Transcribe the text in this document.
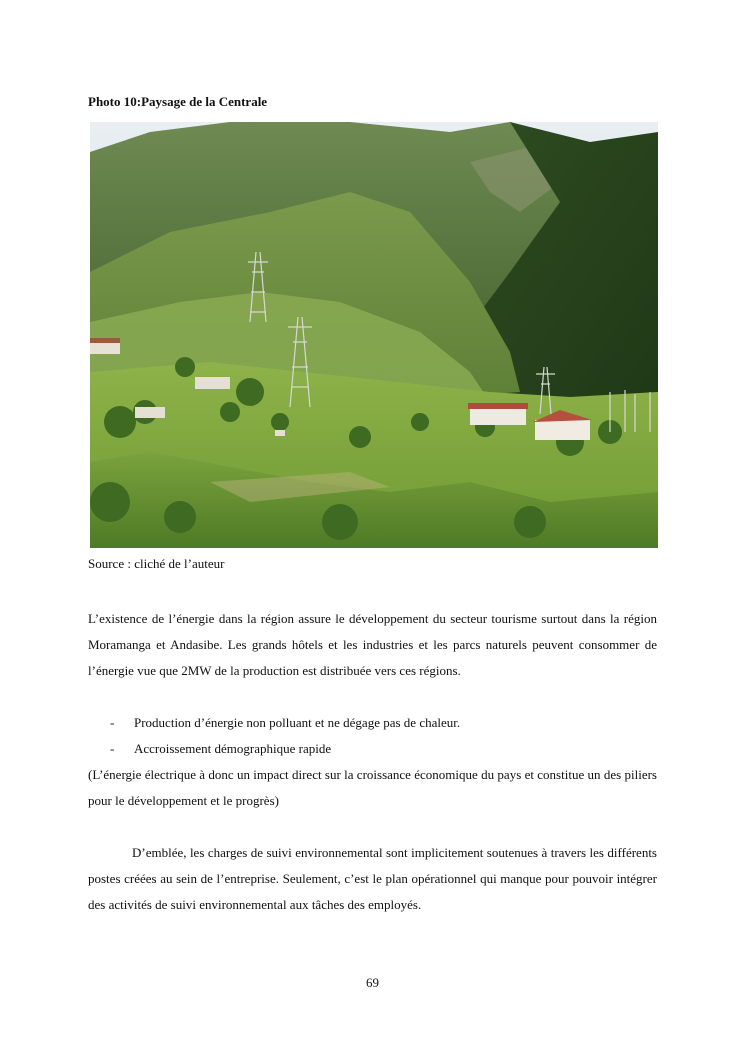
Photo 10:Paysage de la Centrale
Source : cliché de l’auteur
L’existence de l’énergie dans la région assure le développement du secteur tourisme surtout dans la région Moramanga et Andasibe. Les grands hôtels et les industries et les parcs naturels peuvent consommer de l’énergie vue que 2MW de la production est distribuée vers ces régions.
- Production d’énergie non polluant et ne dégage pas de chaleur.
- Accroissement démographique rapide
(L’énergie électrique à donc un impact direct sur la croissance économique du pays et constitue un des piliers pour le développement et le progrès)
D’emblée, les charges de suivi environnemental sont implicitement soutenues à travers les différents postes créées au sein de l’entreprise. Seulement, c’est le plan opérationnel qui manque pour pouvoir intégrer des activités de suivi environnemental aux tâches des employés.
69
